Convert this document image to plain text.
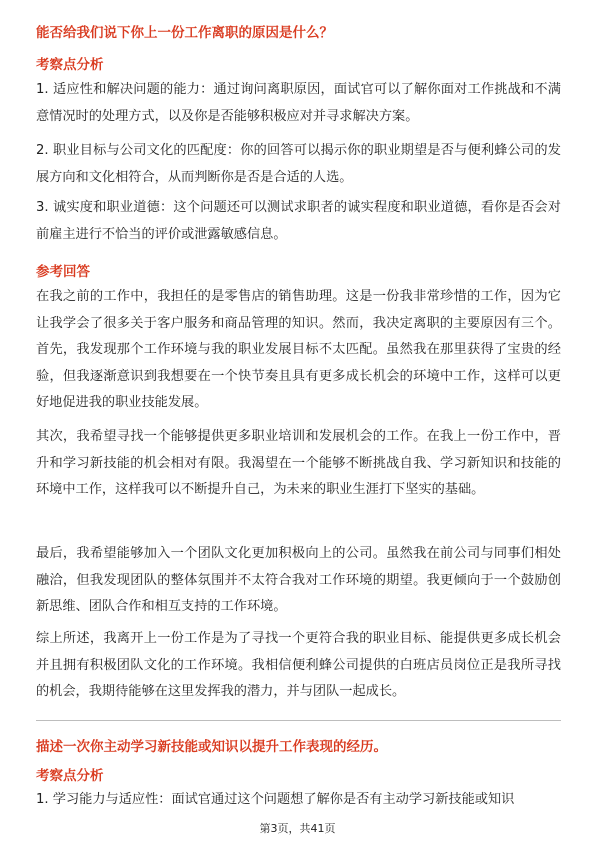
能否给我们说下你上一份工作离职的原因是什么？
考察点分析
1. 适应性和解决问题的能力：通过询问离职原因，面试官可以了解你面对工作挑战和不满意情况时的处理方式，以及你是否能够积极应对并寻求解决方案。
2. 职业目标与公司文化的匹配度：你的回答可以揭示你的职业期望是否与便利蜂公司的发展方向和文化相符合，从而判断你是否是合适的人选。
3. 诚实度和职业道德：这个问题还可以测试求职者的诚实程度和职业道德，看你是否会对前雇主进行不恰当的评价或泄露敏感信息。
参考回答
在我之前的工作中，我担任的是零售店的销售助理。这是一份我非常珍惜的工作，因为它让我学会了很多关于客户服务和商品管理的知识。然而，我决定离职的主要原因有三个。首先，我发现那个工作环境与我的职业发展目标不太匹配。虽然我在那里获得了宝贵的经验，但我逐渐意识到我想要在一个快节奏且具有更多成长机会的环境中工作，这样可以更好地促进我的职业技能发展。
其次，我希望寻找一个能够提供更多职业培训和发展机会的工作。在我上一份工作中，晋升和学习新技能的机会相对有限。我渴望在一个能够不断挑战自我、学习新知识和技能的环境中工作，这样我可以不断提升自己，为未来的职业生涯打下坚实的基础。
最后，我希望能够加入一个团队文化更加积极向上的公司。虽然我在前公司与同事们相处融洽，但我发现团队的整体氛围并不太符合我对工作环境的期望。我更倾向于一个鼓励创新思维、团队合作和相互支持的工作环境。
综上所述，我离开上一份工作是为了寻找一个更符合我的职业目标、能提供更多成长机会并且拥有积极团队文化的工作环境。我相信便利蜂公司提供的白班店员岗位正是我所寻找的机会，我期待能够在这里发挥我的潜力，并与团队一起成长。
描述一次你主动学习新技能或知识以提升工作表现的经历。
考察点分析
1. 学习能力与适应性：面试官通过这个问题想了解你是否有主动学习新技能或知识
第3页，共41页
